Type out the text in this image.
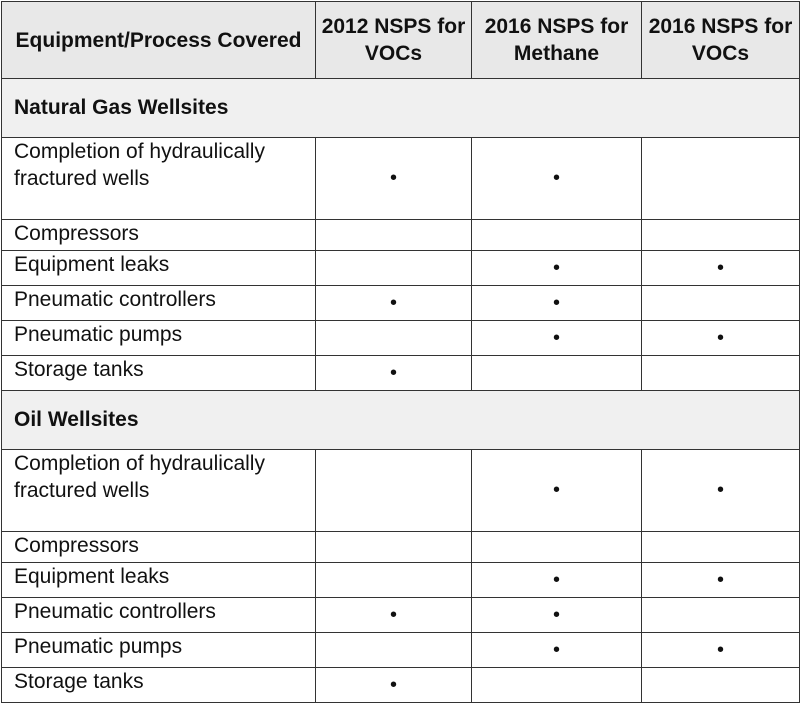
Equipment/Process Covered	2012 NSPS for VOCs	2016 NSPS for Methane	2016 NSPS for VOCs
Natural Gas Wellsites			
Completion of hydraulically fractured wells	•	•	
Compressors			
Equipment leaks		•	•
Pneumatic controllers	•	•	
Pneumatic pumps		•	•
Storage tanks	•		
Oil Wellsites			
Completion of hydraulically fractured wells		•	•
Compressors			
Equipment leaks		•	•
Pneumatic controllers	•	•	
Pneumatic pumps		•	•
Storage tanks	•		
